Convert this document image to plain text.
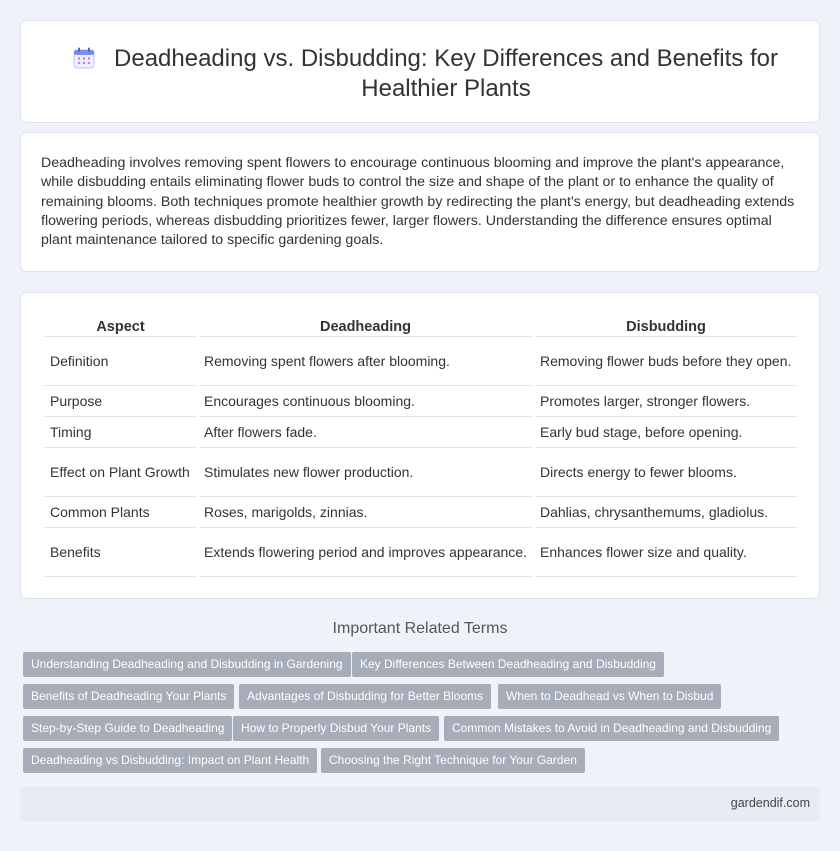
Deadheading vs. Disbudding: Key Differences and Benefits for Healthier Plants

Deadheading involves removing spent flowers to encourage continuous blooming and improve the plant's appearance, while disbudding entails eliminating flower buds to control the size and shape of the plant or to enhance the quality of remaining blooms. Both techniques promote healthier growth by redirecting the plant's energy, but deadheading extends flowering periods, whereas disbudding prioritizes fewer, larger flowers. Understanding the difference ensures optimal plant maintenance tailored to specific gardening goals.

Aspect	Deadheading	Disbudding
Definition	Removing spent flowers after blooming.	Removing flower buds before they open.
Purpose	Encourages continuous blooming.	Promotes larger, stronger flowers.
Timing	After flowers fade.	Early bud stage, before opening.
Effect on Plant Growth	Stimulates new flower production.	Directs energy to fewer blooms.
Common Plants	Roses, marigolds, zinnias.	Dahlias, chrysanthemums, gladiolus.
Benefits	Extends flowering period and improves appearance.	Enhances flower size and quality.
Important Related Terms
Understanding Deadheading and Disbudding in Gardening	Key Differences Between Deadheading and Disbudding
Benefits of Deadheading Your Plants	Advantages of Disbudding for Better Blooms	When to Deadhead vs When to Disbud
Step-by-Step Guide to Deadheading	How to Properly Disbud Your Plants	Common Mistakes to Avoid in Deadheading and Disbudding
Deadheading vs Disbudding: Impact on Plant Health	Choosing the Right Technique for Your Garden
gardendif.com
